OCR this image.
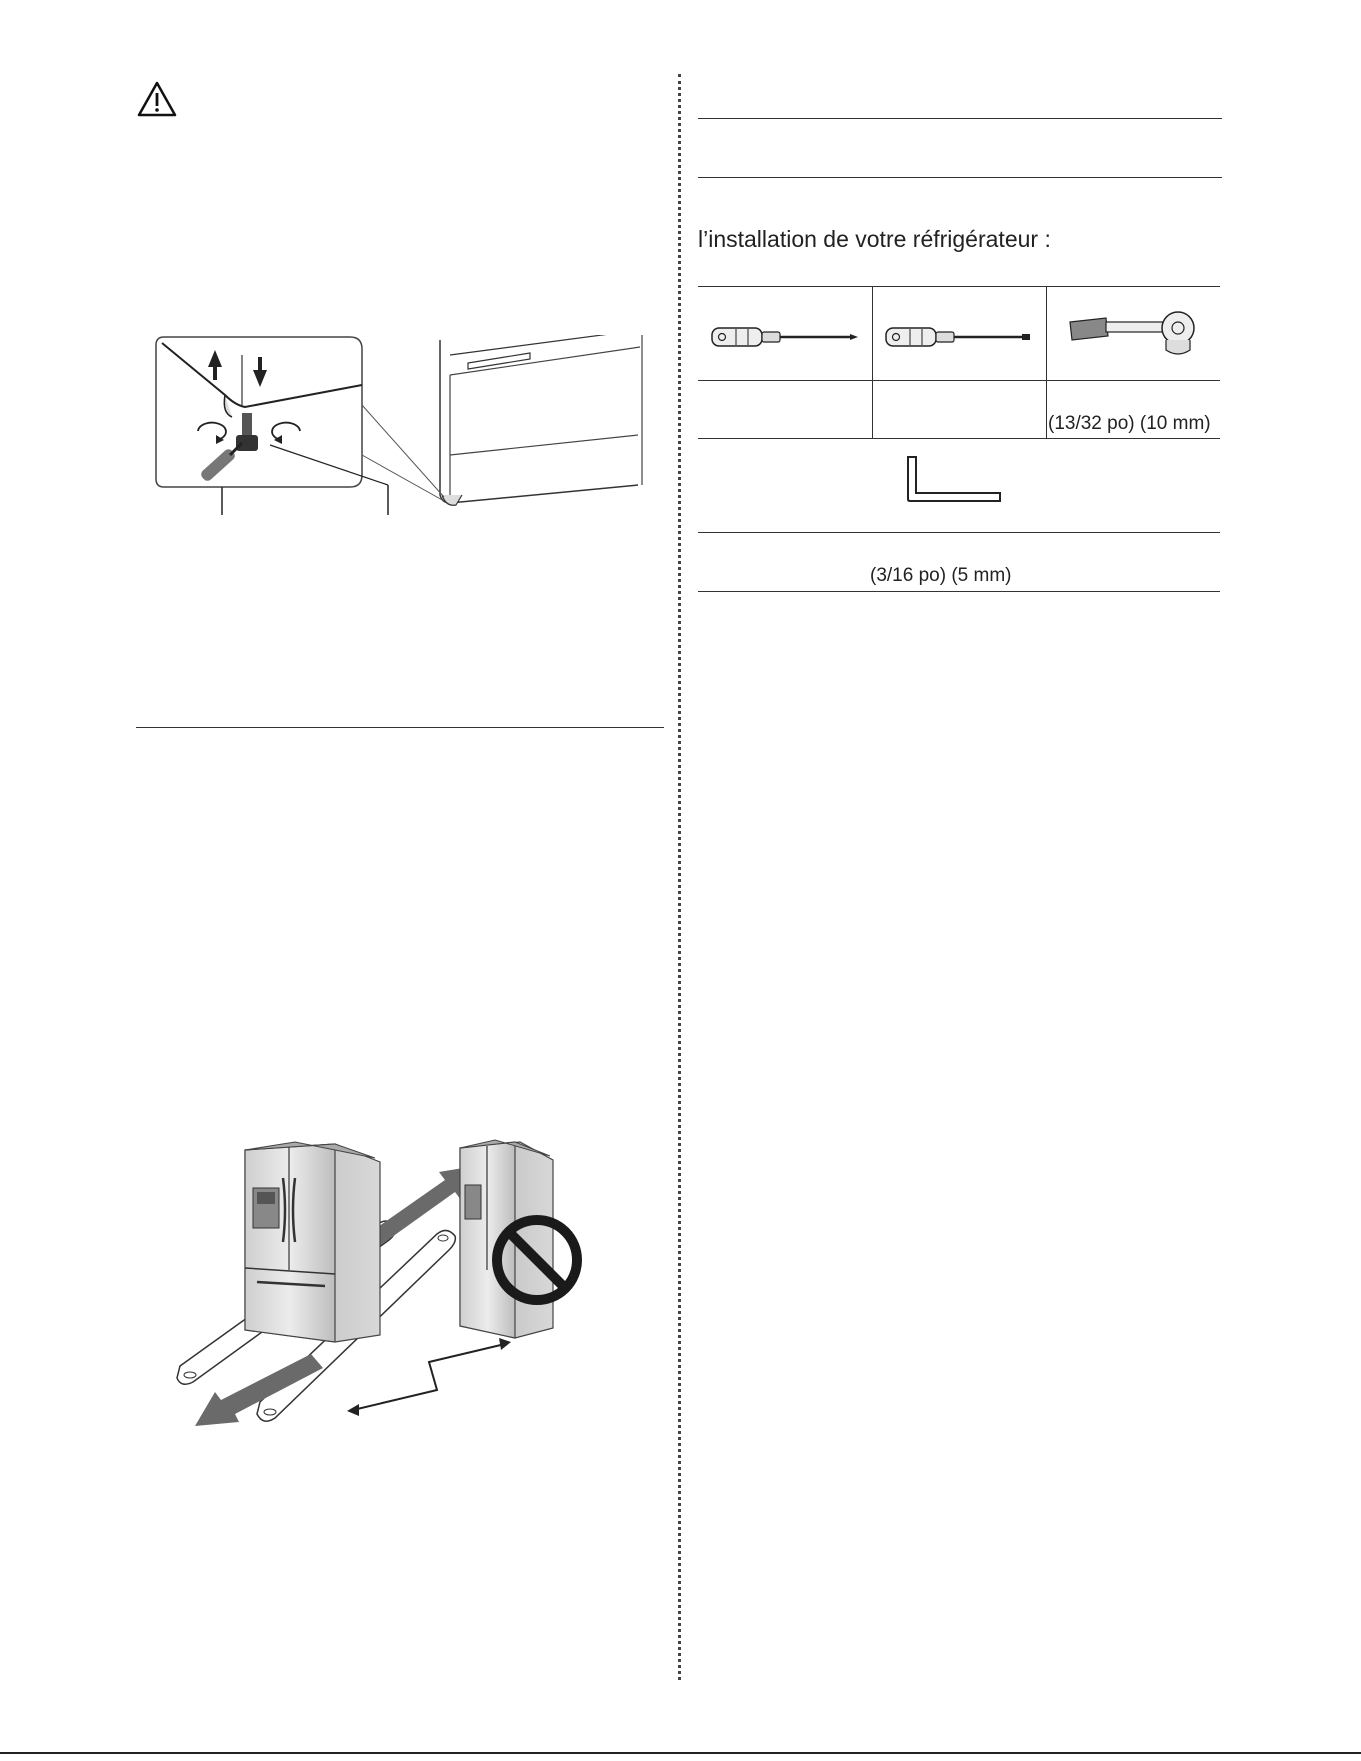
l’installation de votre réfrigérateur :
(13/32 po) (10 mm)
(3/16 po) (5 mm)
